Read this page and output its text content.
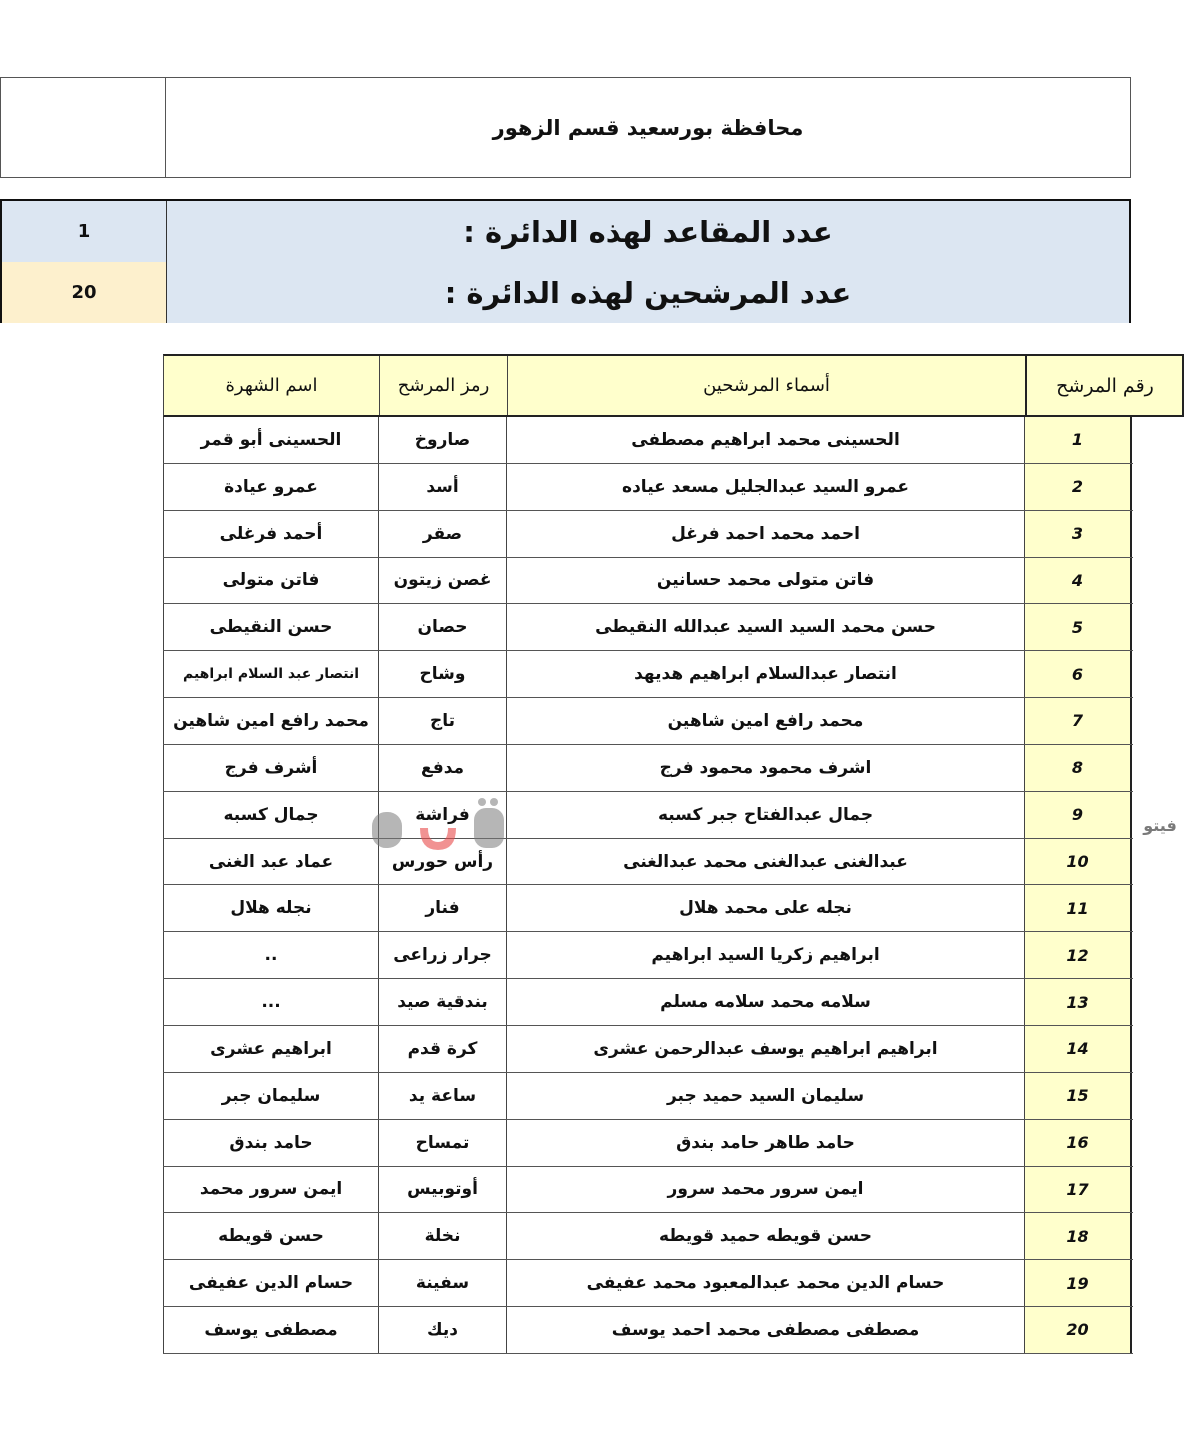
محافظة بورسعيد قسم الزهور
1	عدد المقاعد لهذه الدائرة :
20	عدد المرشحين لهذه الدائرة :
اسم الشهرة	رمز المرشح	أسماء المرشحين	رقم المرشح
الحسينى أبو قمر	صاروخ	الحسينى محمد ابراهيم مصطفى	1
عمرو عيادة	أسد	عمرو السيد عبدالجليل مسعد عياده	2
أحمد فرغلى	صقر	احمد محمد احمد فرغل	3
فاتن متولى	غصن زيتون	فاتن متولى محمد حسانين	4
حسن النقيطى	حصان	حسن محمد السيد السيد عبدالله النقيطى	5
انتصار عبد السلام ابراهيم	وشاح	انتصار عبدالسلام ابراهيم هديهد	6
محمد رافع امين شاهين	تاج	محمد رافع امين شاهين	7
أشرف فرج	مدفع	اشرف محمود محمود فرج	8
جمال كسبه	فراشة	جمال عبدالفتاح جبر كسبه	9
عماد عبد الغنى	رأس حورس	عبدالغنى عبدالغنى محمد عبدالغنى	10
نجله هلال	فنار	نجله على محمد هلال	11
..	جرار زراعى	ابراهيم زكريا السيد ابراهيم	12
...	بندقية صيد	سلامه محمد سلامه مسلم	13
ابراهيم عشرى	كرة قدم	ابراهيم ابراهيم يوسف عبدالرحمن عشرى	14
سليمان جبر	ساعة يد	سليمان السيد حميد جبر	15
حامد بندق	تمساح	حامد طاهر حامد بندق	16
ايمن سرور محمد	أوتوبيس	ايمن سرور محمد سرور	17
حسن قويطه	نخلة	حسن قويطه حميد قويطه	18
حسام الدين عفيفى	سفينة	حسام الدين محمد عبدالمعبود محمد عفيفى	19
مصطفى يوسف	ديك	مصطفى مصطفى محمد احمد يوسف	20
فيتو
